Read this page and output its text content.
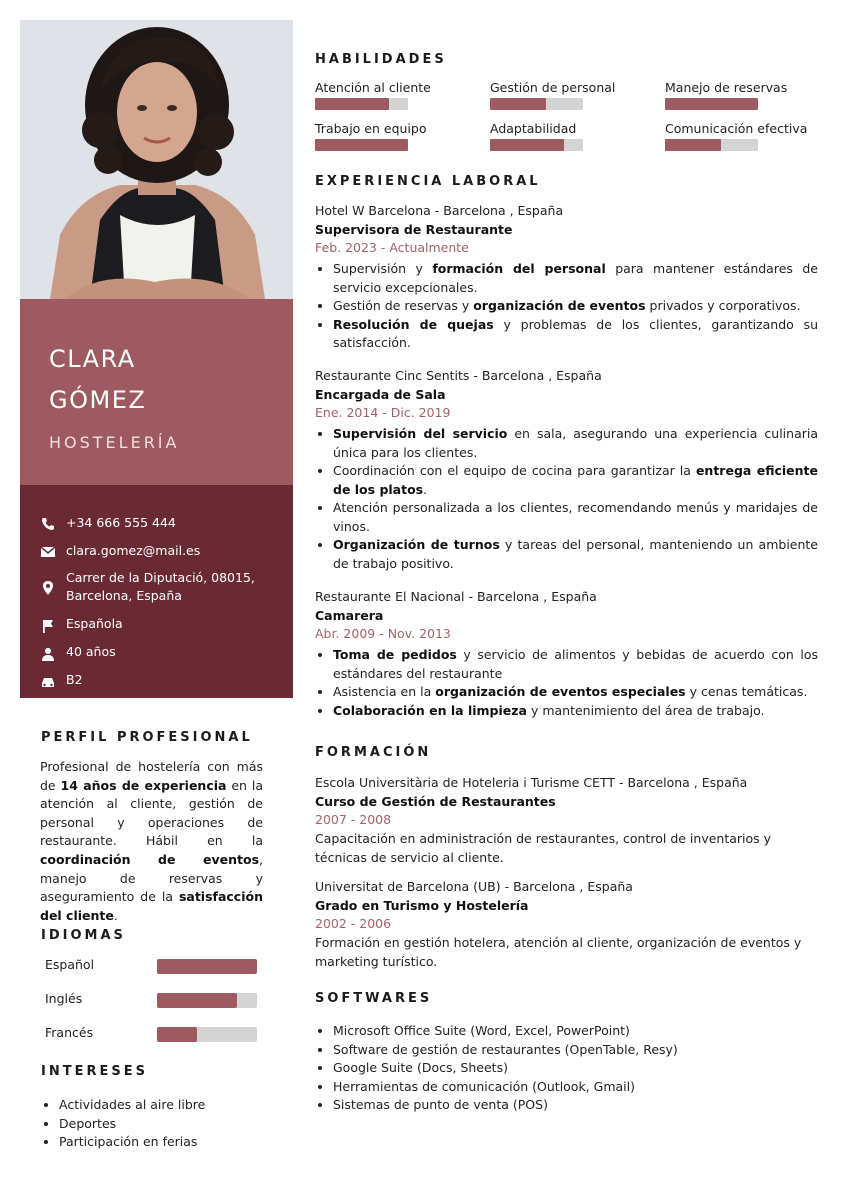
CLARA
GÓMEZ
HOSTELERÍA
+34 666 555 444
clara.gomez@mail.es
Carrer de la Diputació, 08015, Barcelona, España
Española
40 años
B2
PERFIL PROFESIONAL
Profesional de hostelería con más de 14 años de experiencia en la atención al cliente, gestión de personal y operaciones de restaurante. Hábil en la coordinación de eventos, manejo de reservas y aseguramiento de la satisfacción del cliente.
IDIOMAS
Español
Inglés
Francés
INTERESES
• Actividades al aire libre
• Deportes
• Participación en ferias
HABILIDADES
Atención al cliente	Gestión de personal	Manejo de reservas
Trabajo en equipo	Adaptabilidad	Comunicación efectiva
EXPERIENCIA LABORAL
Hotel W Barcelona - Barcelona , España
Supervisora de Restaurante
Feb. 2023 - Actualmente
• Supervisión y formación del personal para mantener estándares de servicio excepcionales.
• Gestión de reservas y organización de eventos privados y corporativos.
• Resolución de quejas y problemas de los clientes, garantizando su satisfacción.
Restaurante Cinc Sentits - Barcelona , España
Encargada de Sala
Ene. 2014 - Dic. 2019
• Supervisión del servicio en sala, asegurando una experiencia culinaria única para los clientes.
• Coordinación con el equipo de cocina para garantizar la entrega eficiente de los platos.
• Atención personalizada a los clientes, recomendando menús y maridajes de vinos.
• Organización de turnos y tareas del personal, manteniendo un ambiente de trabajo positivo.
Restaurante El Nacional - Barcelona , España
Camarera
Abr. 2009 - Nov. 2013
• Toma de pedidos y servicio de alimentos y bebidas de acuerdo con los estándares del restaurante
• Asistencia en la organización de eventos especiales y cenas temáticas.
• Colaboración en la limpieza y mantenimiento del área de trabajo.
FORMACIÓN
Escola Universitària de Hoteleria i Turisme CETT - Barcelona , España
Curso de Gestión de Restaurantes
2007 - 2008
Capacitación en administración de restaurantes, control de inventarios y técnicas de servicio al cliente.
Universitat de Barcelona (UB) - Barcelona , España
Grado en Turismo y Hostelería
2002 - 2006
Formación en gestión hotelera, atención al cliente, organización de eventos y marketing turístico.
SOFTWARES
• Microsoft Office Suite (Word, Excel, PowerPoint)
• Software de gestión de restaurantes (OpenTable, Resy)
• Google Suite (Docs, Sheets)
• Herramientas de comunicación (Outlook, Gmail)
• Sistemas de punto de venta (POS)
